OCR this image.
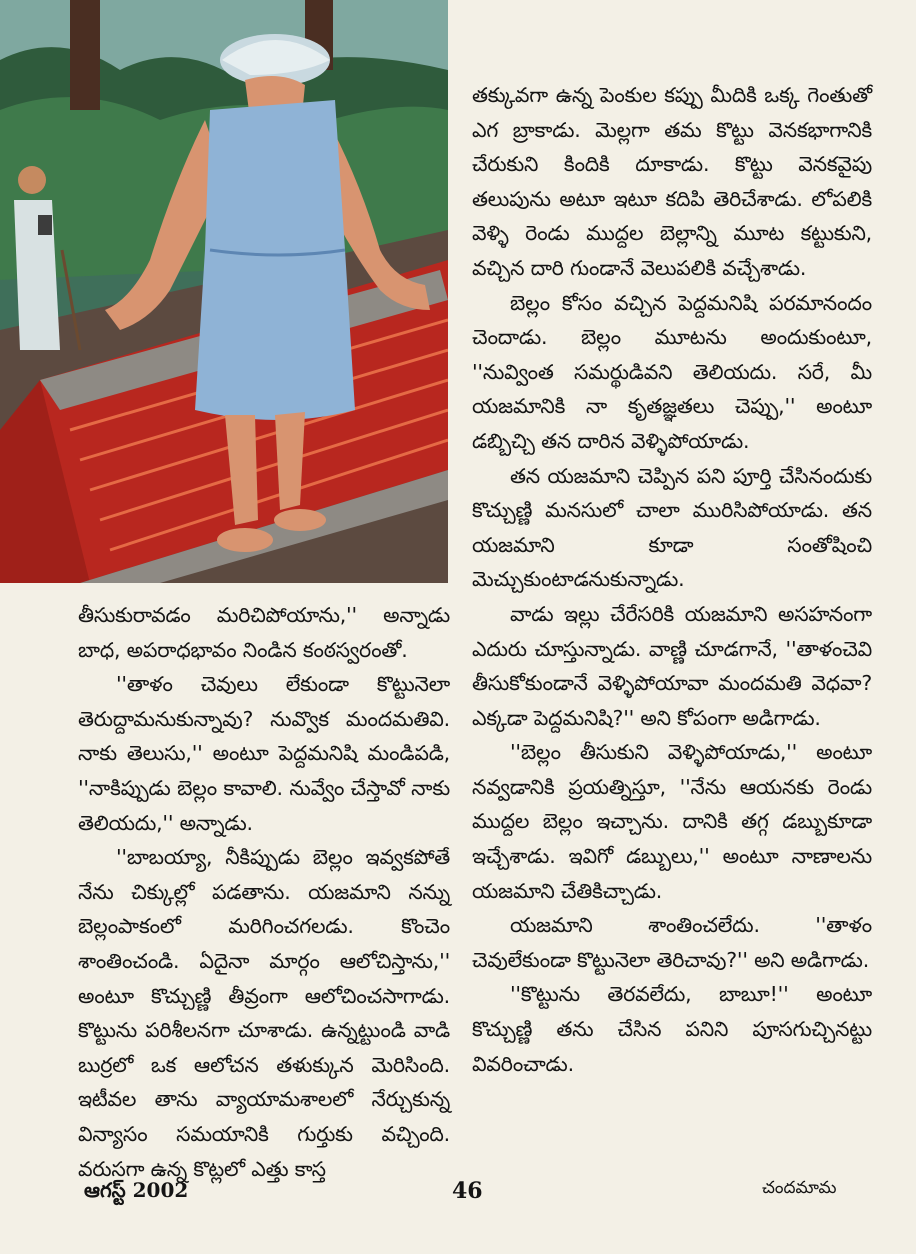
తీసుకురావడం మరిచిపోయాను,'' అన్నాడు బాధ, అపరాధభావం నిండిన కంఠస్వరంతో.

''తాళం చెవులు లేకుండా కొట్టునెలా తెరుద్దామనుకున్నావు? నువ్వొక మందమతివి. నాకు తెలుసు,'' అంటూ పెద్దమనిషి మండిపడి, ''నాకిప్పుడు బెల్లం కావాలి. నువ్వేం చేస్తావో నాకు తెలియదు,'' అన్నాడు.

''బాబయ్యా, నీకిప్పుడు బెల్లం ఇవ్వకపోతే నేను చిక్కుల్లో పడతాను. యజమాని నన్ను బెల్లంపాకంలో మరిగించగలడు. కొంచెం శాంతించండి. ఏదైనా మార్గం ఆలోచిస్తాను,'' అంటూ కొచ్చుణ్ణి తీవ్రంగా ఆలోచించసాగాడు. కొట్టును పరిశీలనగా చూశాడు. ఉన్నట్టుండి వాడి బుర్రలో ఒక ఆలోచన తళుక్కున మెరిసింది. ఇటీవల తాను వ్యాయామశాలలో నేర్చుకున్న విన్యాసం సమయానికి గుర్తుకు వచ్చింది. వరుసగా ఉన్న కొట్లలో ఎత్తు కాస్త

తక్కువగా ఉన్న పెంకుల కప్పు మీదికి ఒక్క గెంతుతో ఎగ బ్రాకాడు. మెల్లగా తమ కొట్టు వెనకభాగానికి చేరుకుని కిందికి దూకాడు. కొట్టు వెనకవైపు తలుపును అటూ ఇటూ కదిపి తెరిచేశాడు. లోపలికి వెళ్ళి రెండు ముద్దల బెల్లాన్ని మూట కట్టుకుని, వచ్చిన దారి గుండానే వెలుపలికి వచ్చేశాడు.

బెల్లం కోసం వచ్చిన పెద్దమనిషి పరమానందం చెందాడు. బెల్లం మూటను అందుకుంటూ, ''నువ్వింత సమర్థుడివని తెలియదు. సరే, మీ యజమానికి నా కృతజ్ఞతలు చెప్పు,'' అంటూ డబ్బిచ్చి తన దారిన వెళ్ళిపోయాడు.

తన యజమాని చెప్పిన పని పూర్తి చేసినందుకు కొచ్చుణ్ణి మనసులో చాలా మురిసిపోయాడు. తన యజమాని కూడా సంతోషించి మెచ్చుకుంటాడనుకున్నాడు.

వాడు ఇల్లు చేరేసరికి యజమాని అసహనంగా ఎదురు చూస్తున్నాడు. వాణ్ణి చూడగానే, ''తాళంచెవి తీసుకోకుండానే వెళ్ళిపోయావా మందమతి వెధవా? ఎక్కడా పెద్దమనిషి?'' అని కోపంగా అడిగాడు.

''బెల్లం తీసుకుని వెళ్ళిపోయాడు,'' అంటూ నవ్వడానికి ప్రయత్నిస్తూ, ''నేను ఆయనకు రెండు ముద్దల బెల్లం ఇచ్చాను. దానికి తగ్గ డబ్బుకూడా ఇచ్చేశాడు. ఇవిగో డబ్బులు,'' అంటూ నాణాలను యజమాని చేతికిచ్చాడు.

యజమాని శాంతించలేదు. ''తాళం చెవులేకుండా కొట్టునెలా తెరిచావు?'' అని అడిగాడు.

''కొట్టును తెరవలేదు, బాబూ!'' అంటూ కొచ్చుణ్ణి తను చేసిన పనిని పూసగుచ్చినట్టు వివరించాడు.

ఆగస్ట్ 2002	46	చందమామ
